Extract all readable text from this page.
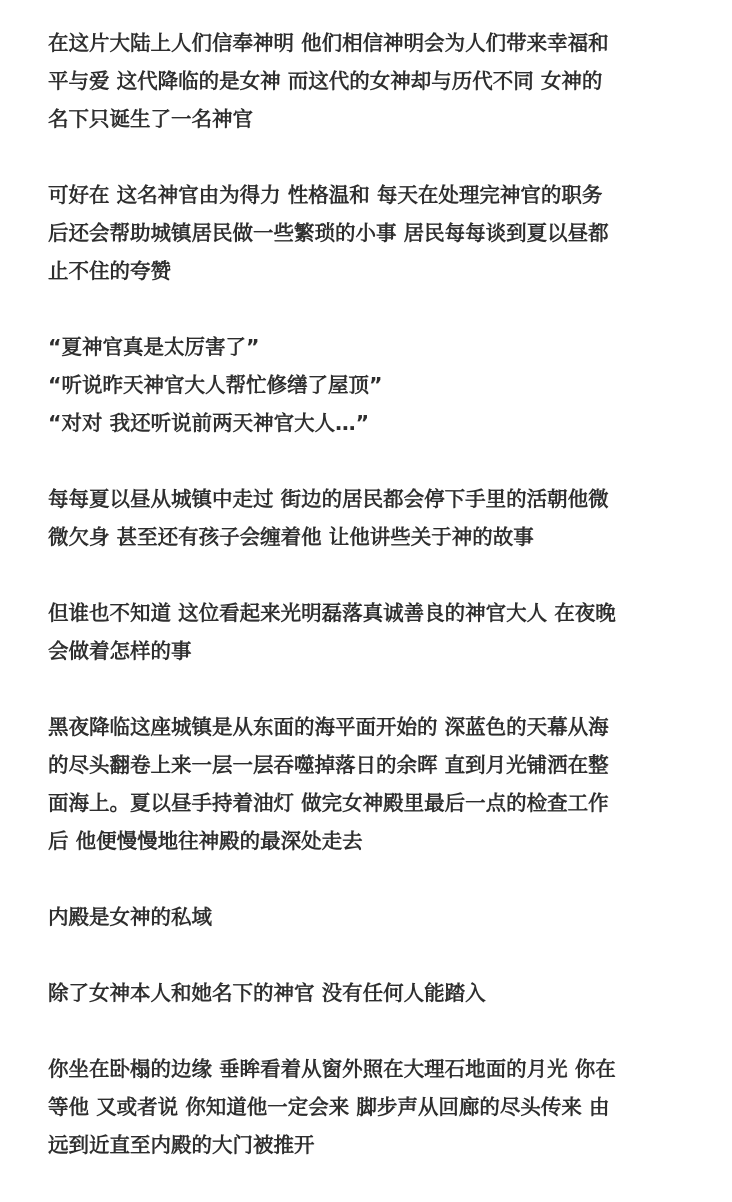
在这片大陆上人们信奉神明 他们相信神明会为人们带来幸福和
平与爱 这代降临的是女神 而这代的女神却与历代不同 女神的
名下只诞生了一名神官

可好在 这名神官由为得力 性格温和 每天在处理完神官的职务
后还会帮助城镇居民做一些繁琐的小事 居民每每谈到夏以昼都
止不住的夸赞

“夏神官真是太厉害了”
“听说昨天神官大人帮忙修缮了屋顶”
“对对 我还听说前两天神官大人…”

每每夏以昼从城镇中走过 街边的居民都会停下手里的活朝他微
微欠身 甚至还有孩子会缠着他 让他讲些关于神的故事

但谁也不知道 这位看起来光明磊落真诚善良的神官大人 在夜晚
会做着怎样的事

黑夜降临这座城镇是从东面的海平面开始的 深蓝色的天幕从海
的尽头翻卷上来一层一层吞噬掉落日的余晖 直到月光铺洒在整
面海上。夏以昼手持着油灯 做完女神殿里最后一点的检查工作
后 他便慢慢地往神殿的最深处走去

内殿是女神的私域

除了女神本人和她名下的神官 没有任何人能踏入

你坐在卧榻的边缘 垂眸看着从窗外照在大理石地面的月光 你在
等他 又或者说 你知道他一定会来 脚步声从回廊的尽头传来 由
远到近直至内殿的大门被推开
